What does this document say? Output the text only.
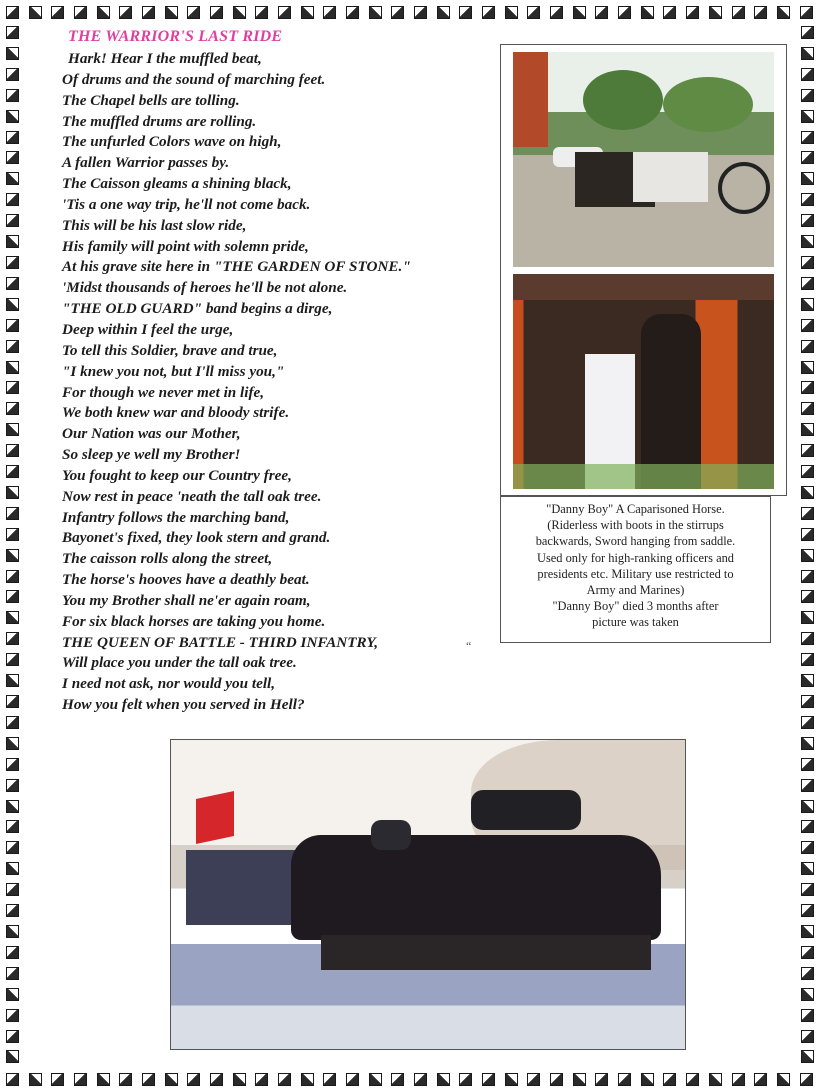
THE WARRIOR'S LAST RIDE
Hark! Hear I the muffled beat,
Of drums and the sound of marching feet.
The Chapel bells are tolling.
The muffled drums are rolling.
The unfurled Colors wave on high,
A fallen Warrior passes by.
The Caisson gleams a shining black,
'Tis a one way trip, he'll not come back.
This will be his last slow ride,
His family will point with solemn pride,
At his grave site here in "THE GARDEN OF STONE."
'Midst thousands of heroes he'll be not alone.
"THE OLD GUARD" band begins a dirge,
Deep within I feel the urge,
To tell this Soldier, brave and true,
"I knew you not, but I'll miss you,"
For though we never met in life,
We both knew war and bloody strife.
Our Nation was our Mother,
So sleep ye well my Brother!
You fought to keep our Country free,
Now rest in peace 'neath the tall oak tree.
Infantry follows the marching band,
Bayonet's fixed, they look stern and grand.
The caisson rolls along the street,
The horse's hooves have a deathly beat.
You my Brother shall ne'er again roam,
For six black horses are taking you home.
THE QUEEN OF BATTLE - THIRD INFANTRY,
Will place you under the tall oak tree.
I need not ask, nor would you tell,
How you felt when you served in Hell?
“
"Danny Boy" A Caparisoned Horse.
(Riderless with boots in the stirrups
backwards, Sword hanging from saddle.
Used only for high-ranking officers and
presidents etc. Military use restricted to
Army and Marines)
"Danny Boy" died 3 months after
picture was taken
